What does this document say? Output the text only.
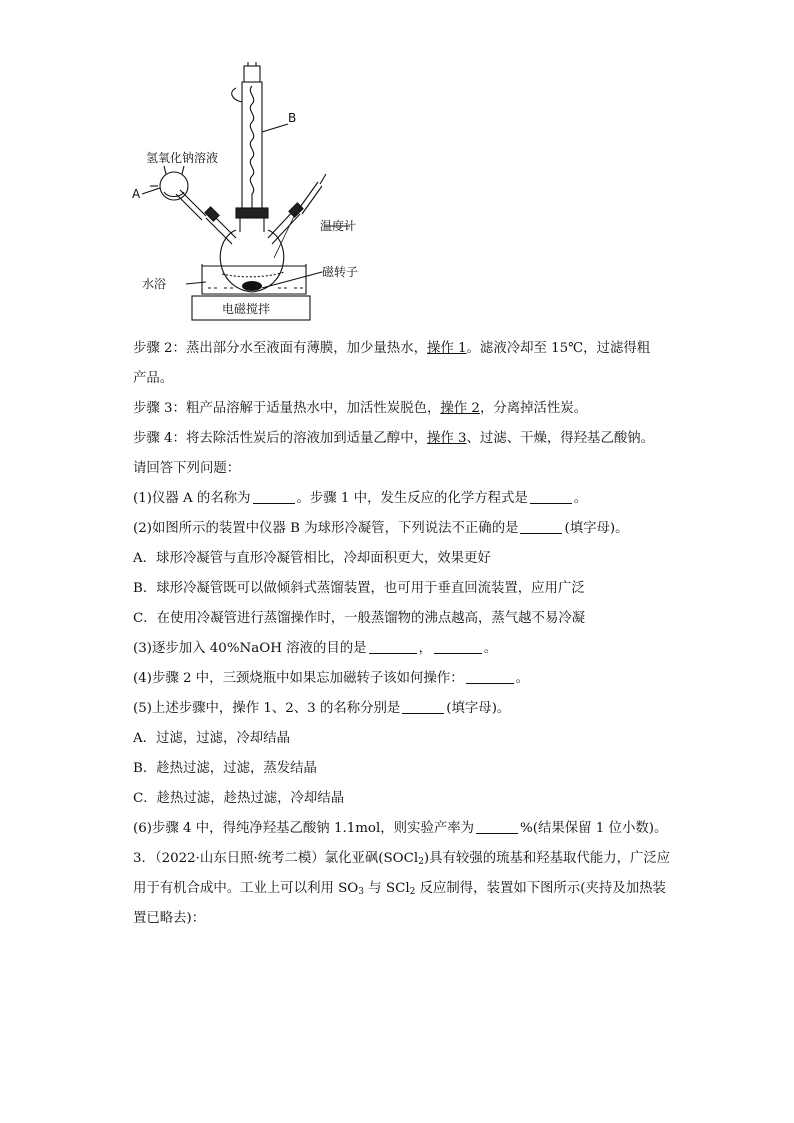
B
A
氢氧化钠溶液
温度计
水浴
磁转子
电磁搅拌

步骤 2：蒸出部分水至液面有薄膜，加少量热水，操作 1。滤液冷却至 15℃，过滤得粗

产品。

步骤 3：粗产品溶解于适量热水中，加活性炭脱色，操作 2，分离掉活性炭。

步骤 4：将去除活性炭后的溶液加到适量乙醇中，操作 3、过滤、干燥，得羟基乙酸钠。

请回答下列问题：

(1)仪器 A 的名称为	。步骤 1 中，发生反应的化学方程式是	。

(2)如图所示的装置中仪器 B 为球形冷凝管，下列说法不正确的是	(填字母)。

A．球形冷凝管与直形冷凝管相比，冷却面积更大，效果更好

B．球形冷凝管既可以做倾斜式蒸馏装置，也可用于垂直回流装置，应用广泛

C．在使用冷凝管进行蒸馏操作时，一般蒸馏物的沸点越高，蒸气越不易冷凝

(3)逐步加入 40%NaOH 溶液的目的是	，	。

(4)步骤 2 中，三颈烧瓶中如果忘加磁转子该如何操作：	。

(5)上述步骤中，操作 1、2、3 的名称分别是	(填字母)。

A．过滤，过滤，冷却结晶

B．趁热过滤，过滤，蒸发结晶

C．趁热过滤，趁热过滤，冷却结晶

(6)步骤 4 中，得纯净羟基乙酸钠 1.1mol，则实验产率为	%(结果保留 1 位小数)。

3．（2022·山东日照·统考二模）氯化亚砜(SOCl$_2$)具有较强的琉基和羟基取代能力，广泛应用于有机合成中。工业上可以利用 $SO_3$ 与 SCl$_2$ 反应制得，装置如下图所示(夹持及加热装置已略去)：
